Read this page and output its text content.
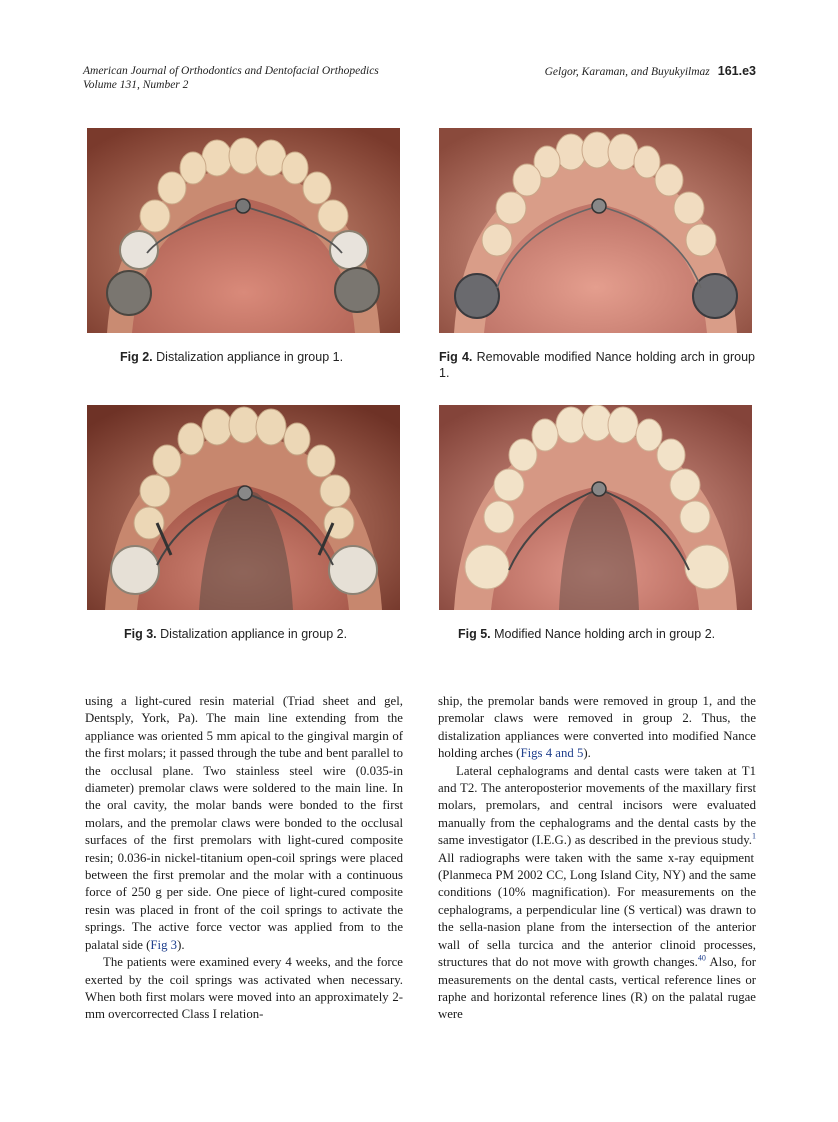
American Journal of Orthodontics and Dentofacial Orthopedics
Volume 131, Number 2
Gelgor, Karaman, and Buyukyilmaz 161.e3
Fig 2. Distalization appliance in group 1.	Fig 4. Removable modified Nance holding arch in group 1.
Fig 3. Distalization appliance in group 2.	Fig 5. Modified Nance holding arch in group 2.

using a light-cured resin material (Triad sheet and gel, Dentsply, York, Pa). The main line extending from the appliance was oriented 5 mm apical to the gingival margin of the first molars; it passed through the tube and bent parallel to the occlusal plane. Two stainless steel wire (0.035-in diameter) premolar claws were soldered to the main line. In the oral cavity, the molar bands were bonded to the first molars, and the premolar claws were bonded to the occlusal surfaces of the first premolars with light-cured composite resin; 0.036-in nickel-titanium open-coil springs were placed between the first premolar and the molar with a continuous force of 250 g per side. One piece of light-cured composite resin was placed in front of the coil springs to activate the springs. The active force vector was applied from to the palatal side (Fig 3).

The patients were examined every 4 weeks, and the force exerted by the coil springs was activated when necessary. When both first molars were moved into an approximately 2-mm overcorrected Class I relation-

ship, the premolar bands were removed in group 1, and the premolar claws were removed in group 2. Thus, the distalization appliances were converted into modified Nance holding arches (Figs 4 and 5).

Lateral cephalograms and dental casts were taken at T1 and T2. The anteroposterior movements of the maxillary first molars, premolars, and central incisors were evaluated manually from the cephalograms and the dental casts by the same investigator (I.E.G.) as described in the previous study.$^1$ All radiographs were taken with the same x-ray equipment (Planmeca PM 2002 CC, Long Island City, NY) and the same conditions (10% magnification). For measurements on the cephalograms, a perpendicular line (S vertical) was drawn to the sella-nasion plane from the intersection of the anterior wall of sella turcica and the anterior clinoid processes, structures that do not move with growth changes.$^{40}$ Also, for measurements on the dental casts, vertical reference lines or raphe and horizontal reference lines (R) on the palatal rugae were
